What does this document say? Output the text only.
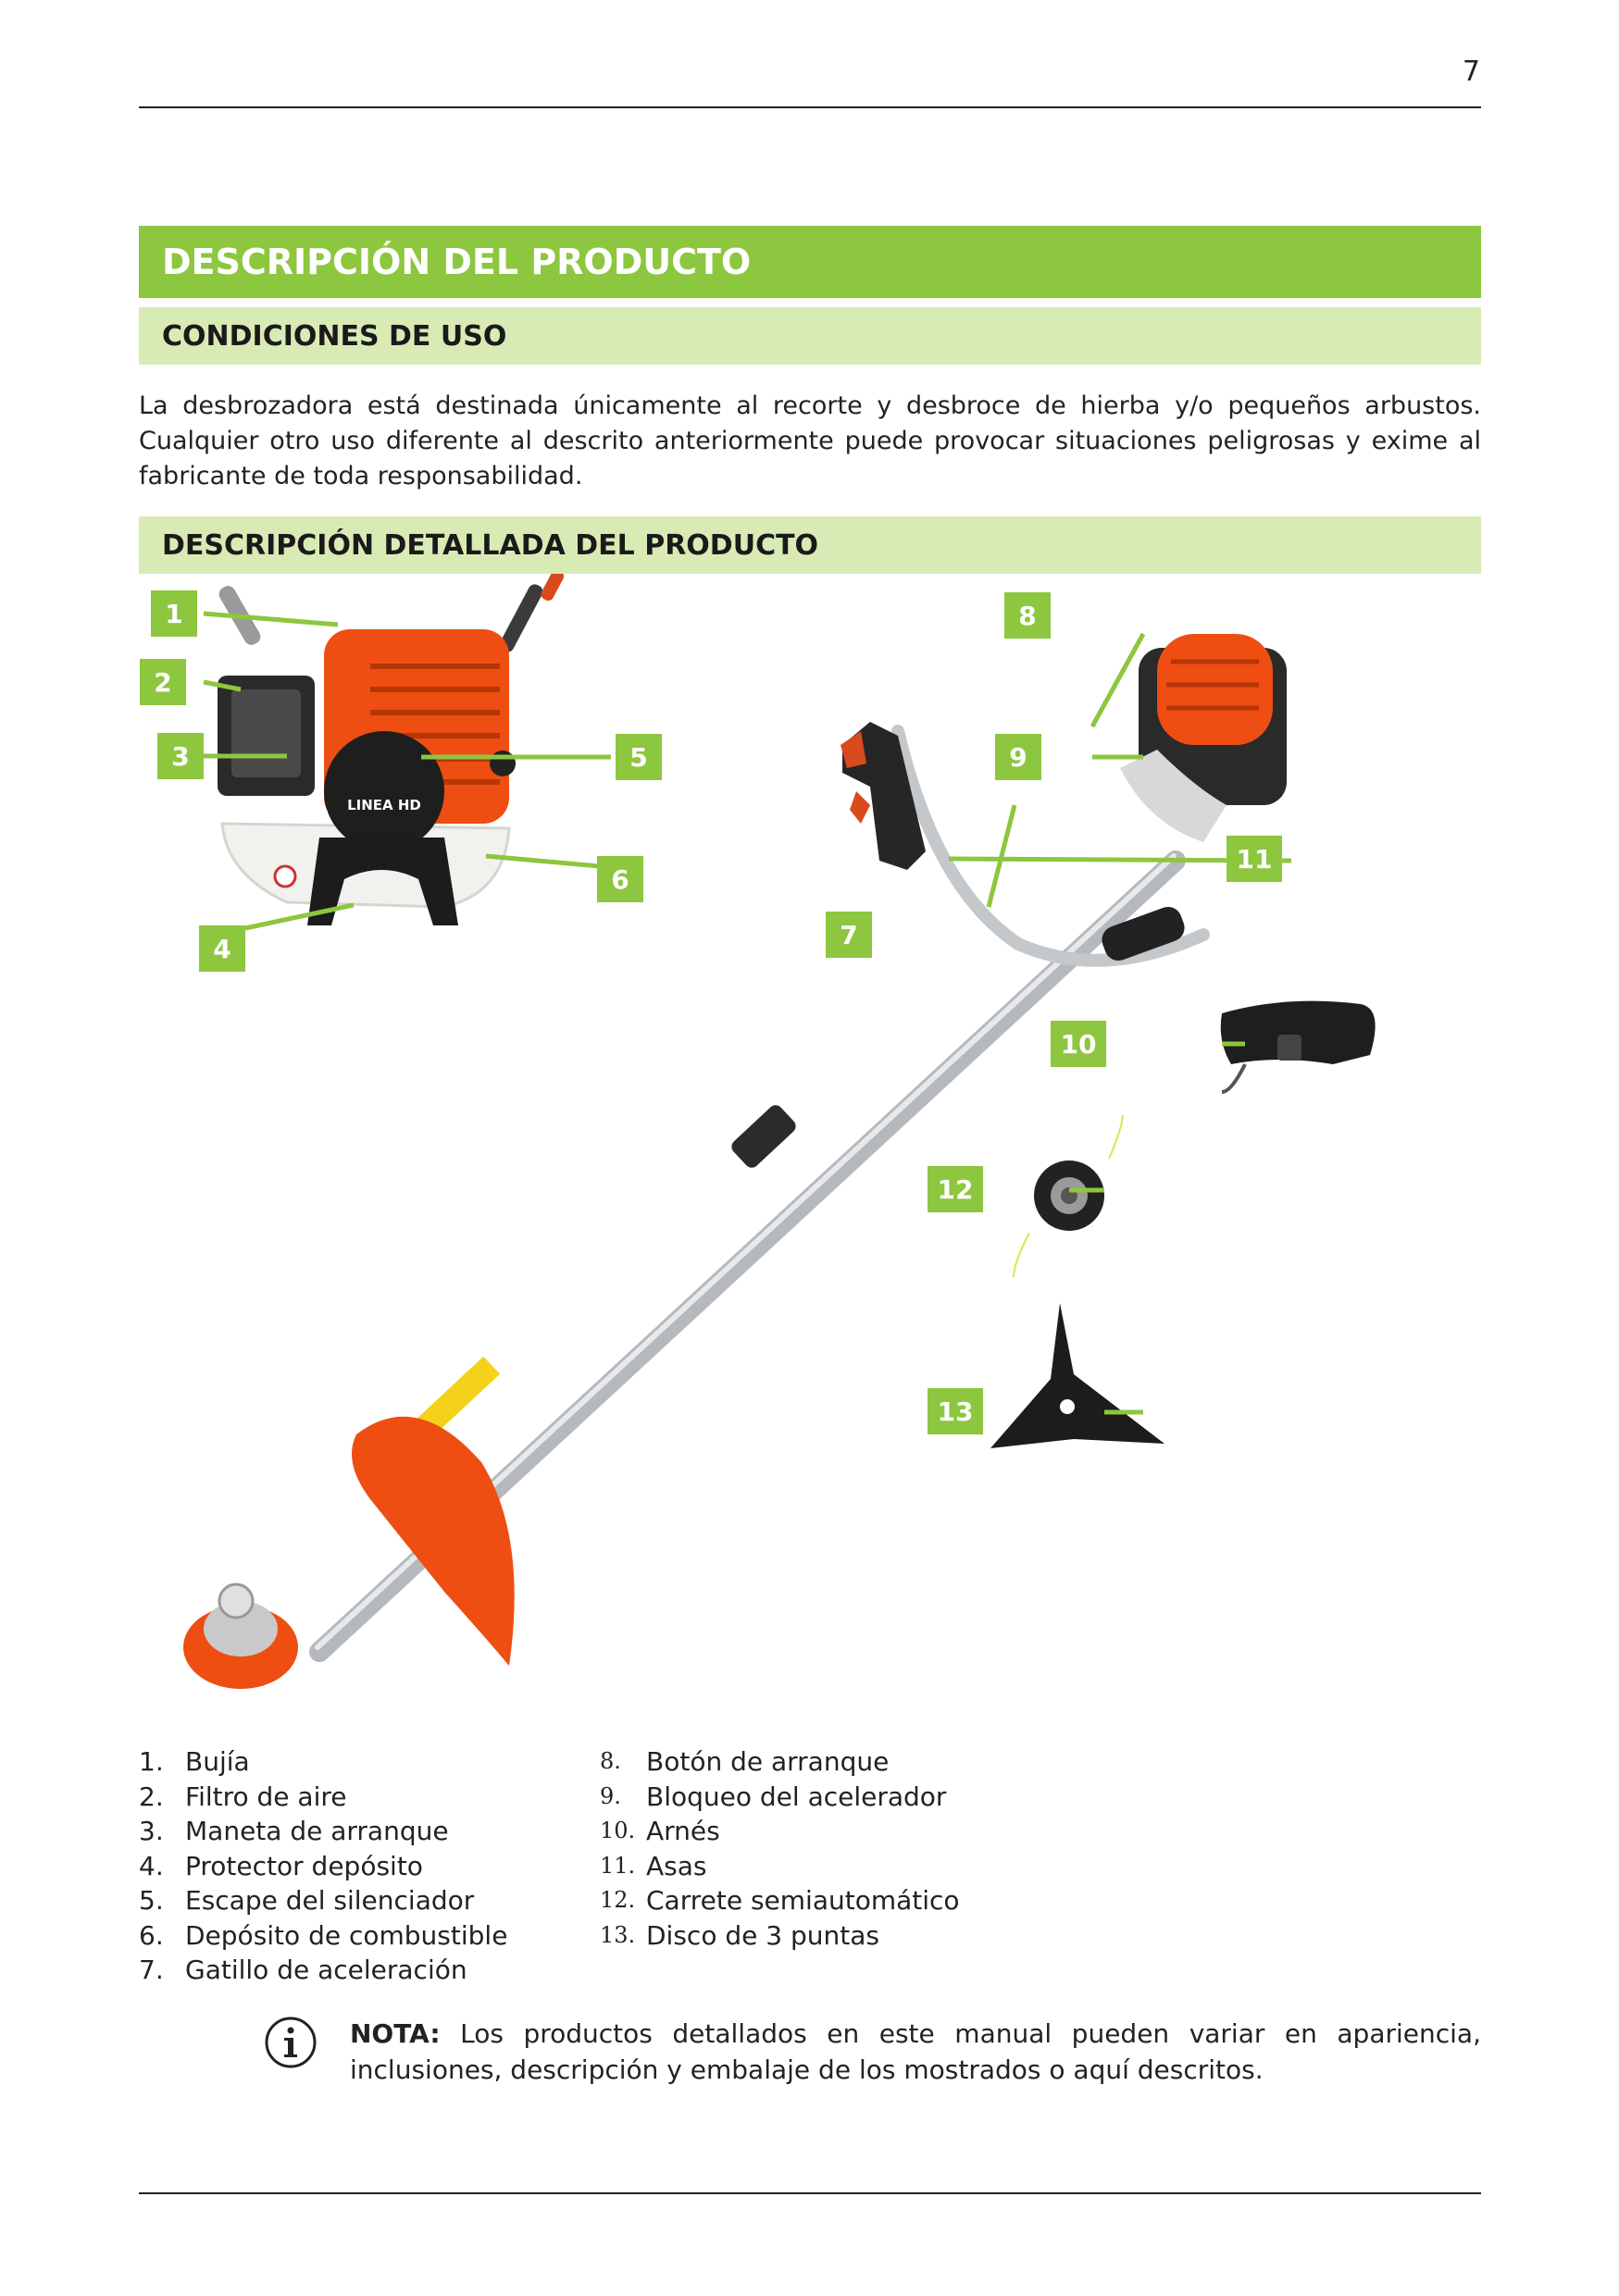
7
DESCRIPCIÓN DEL PRODUCTO
CONDICIONES DE USO
La desbrozadora está destinada únicamente al recorte y desbroce de hierba y/o pequeños arbustos. Cualquier otro uso diferente al descrito anteriormente puede provocar situaciones peligrosas y exime al fabricante de toda responsabilidad.
DESCRIPCIÓN DETALLADA DEL PRODUCTO
LINEA HD
1
2
3
4
5
6
7
8
9
11
10
12
13
1. Bujía
2. Filtro de aire
3. Maneta de arranque
4. Protector depósito
5. Escape del silenciador
6. Depósito de combustible
7. Gatillo de aceleración
8. Botón de arranque
9. Bloqueo del acelerador
10. Arnés
11. Asas
12. Carrete semiautomático
13. Disco de 3 puntas
NOTA: Los productos detallados en este manual pueden variar en apariencia, inclusiones, descripción y embalaje de los mostrados o aquí descritos.
